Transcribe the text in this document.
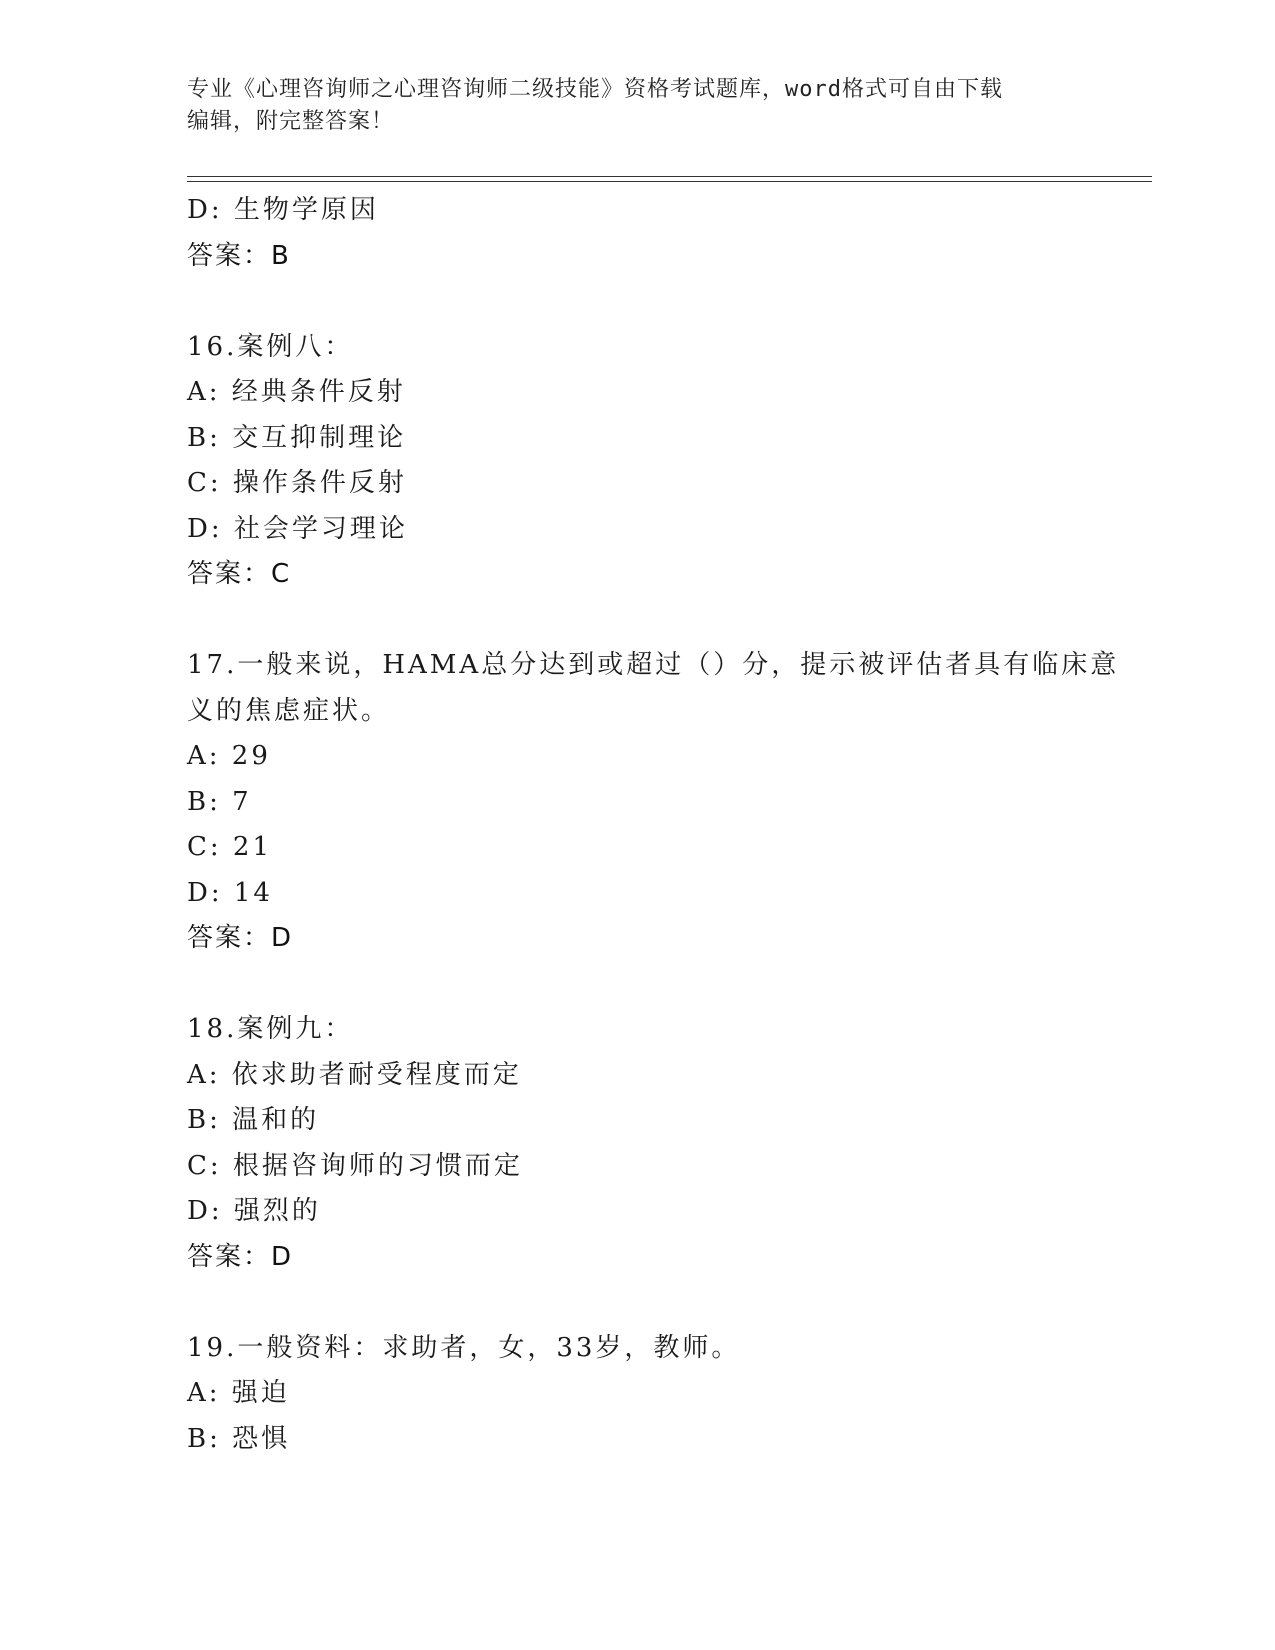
专业《心理咨询师之心理咨询师二级技能》资格考试题库，word格式可自由下载
编辑，附完整答案！
D: 生物学原因
答案：B
16.案例八：
A: 经典条件反射
B: 交互抑制理论
C: 操作条件反射
D: 社会学习理论
答案：C
17.一般来说，HAMA总分达到或超过（）分，提示被评估者具有临床意
义的焦虑症状。
A: 29
B: 7
C: 21
D: 14
答案：D
18.案例九：
A: 依求助者耐受程度而定
B: 温和的
C: 根据咨询师的习惯而定
D: 强烈的
答案：D
19.一般资料：求助者，女，33岁，教师。
A: 强迫
B: 恐惧
